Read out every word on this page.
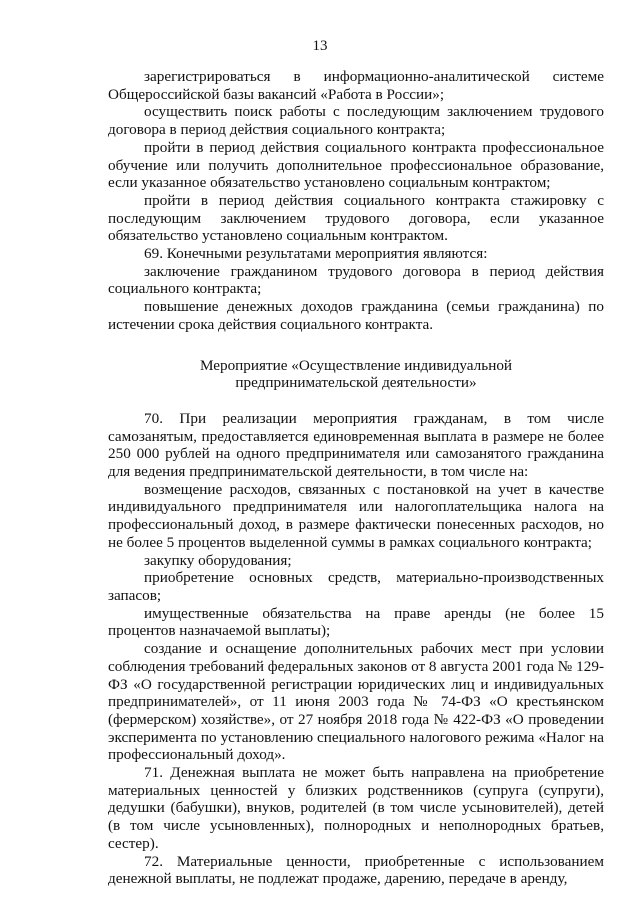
13

зарегистрироваться в информационно-аналитической системе Общероссийской базы вакансий «Работа в России»;

осуществить поиск работы с последующим заключением трудового договора в период действия социального контракта;

пройти в период действия социального контракта профессиональное обучение или получить дополнительное профессиональное образование, если указанное обязательство установлено социальным контрактом;

пройти в период действия социального контракта стажировку с последующим заключением трудового договора, если указанное обязательство установлено социальным контрактом.

69. Конечными результатами мероприятия являются:

заключение гражданином трудового договора в период действия социального контракта;

повышение денежных доходов гражданина (семьи гражданина) по истечении срока действия социального контракта.

Мероприятие «Осуществление индивидуальной
предпринимательской деятельности»

70. При реализации мероприятия гражданам, в том числе самозанятым, предоставляется единовременная выплата в размере не более 250 000 рублей на одного предпринимателя или самозанятого гражданина для ведения предпринимательской деятельности, в том числе на:

возмещение расходов, связанных с постановкой на учет в качестве индивидуального предпринимателя или налогоплательщика налога на профессиональный доход, в размере фактически понесенных расходов, но не более 5 процентов выделенной суммы в рамках социального контракта;

закупку оборудования;

приобретение основных средств, материально-производственных запасов;

имущественные обязательства на праве аренды (не более 15 процентов назначаемой выплаты);

создание и оснащение дополнительных рабочих мест при условии соблюдения требований федеральных законов от 8 августа 2001 года № 129-ФЗ «О государственной регистрации юридических лиц и индивидуальных предпринимателей», от 11 июня 2003 года № 74-ФЗ «О крестьянском (фермерском) хозяйстве», от 27 ноября 2018 года № 422-ФЗ «О проведении эксперимента по установлению специального налогового режима «Налог на профессиональный доход».

71. Денежная выплата не может быть направлена на приобретение материальных ценностей у близких родственников (супруга (супруги), дедушки (бабушки), внуков, родителей (в том числе усыновителей), детей (в том числе усыновленных), полнородных и неполнородных братьев, сестер).

72. Материальные ценности, приобретенные с использованием денежной выплаты, не подлежат продаже, дарению, передаче в аренду,
